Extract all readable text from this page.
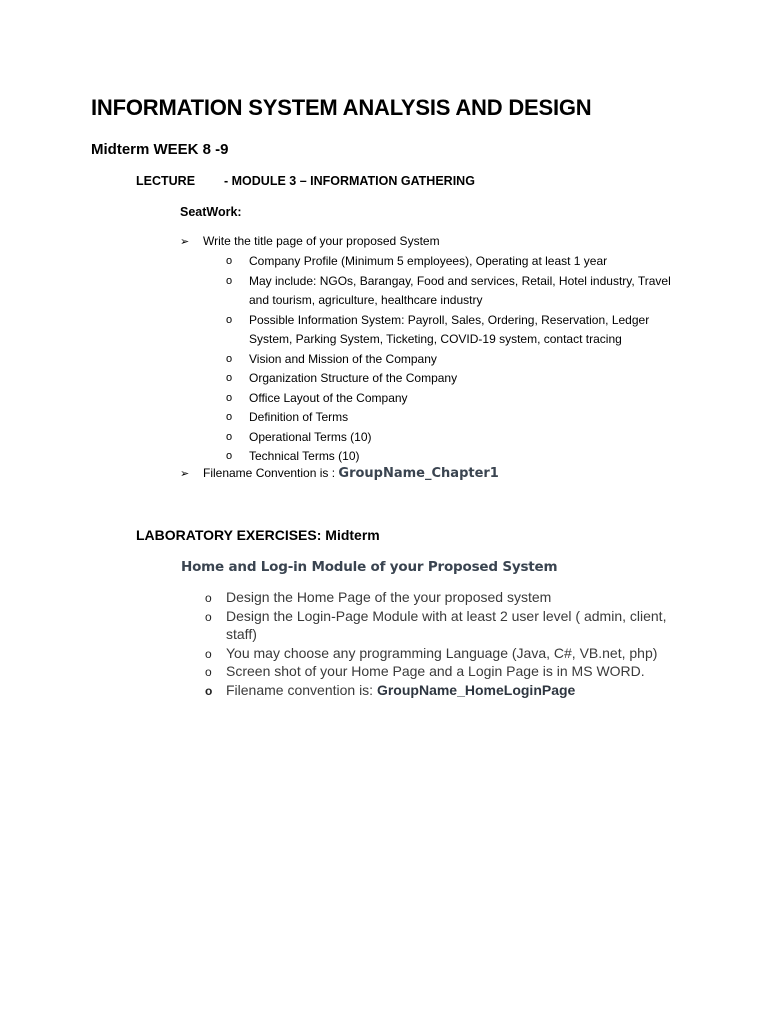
INFORMATION SYSTEM ANALYSIS AND DESIGN
Midterm WEEK 8 -9
LECTURE - MODULE 3 – INFORMATION GATHERING
SeatWork:
➢ Write the title page of your proposed System
o Company Profile (Minimum 5 employees), Operating at least 1 year
o May include: NGOs, Barangay, Food and services, Retail, Hotel industry, Travel and tourism, agriculture, healthcare industry
o Possible Information System: Payroll, Sales, Ordering, Reservation, Ledger System, Parking System, Ticketing, COVID-19 system, contact tracing
o Vision and Mission of the Company
o Organization Structure of the Company
o Office Layout of the Company
o Definition of Terms
o Operational Terms (10)
o Technical Terms (10)
➢ Filename Convention is : GroupName_Chapter1
LABORATORY EXERCISES: Midterm
Home and Log-in Module of your Proposed System
o Design the Home Page of the your proposed system
o Design the Login-Page Module with at least 2 user level ( admin, client, staff)
o You may choose any programming Language (Java, C#, VB.net, php)
o Screen shot of your Home Page and a Login Page is in MS WORD.
o Filename convention is: GroupName_HomeLoginPage
